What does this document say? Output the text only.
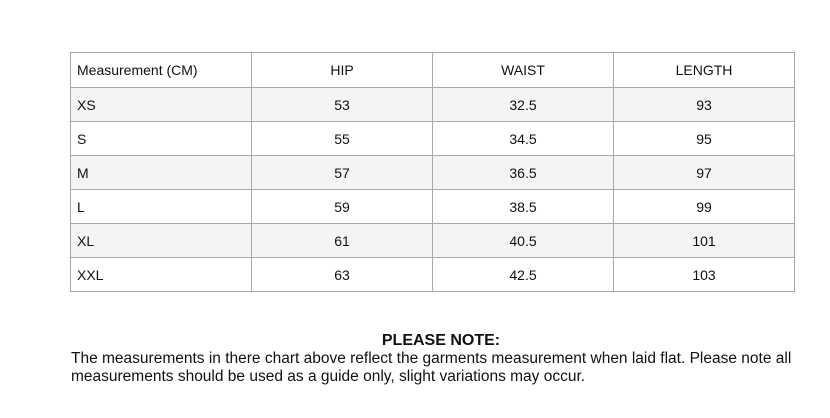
Measurement (CM)	HIP	WAIST	LENGTH
XS	53	32.5	93
S	55	34.5	95
M	57	36.5	97
L	59	38.5	99
XL	61	40.5	101
XXL	63	42.5	103

PLEASE NOTE:

The measurements in there chart above reflect the garments measurement when laid flat. Please note all measurements should be used as a guide only, slight variations may occur.
